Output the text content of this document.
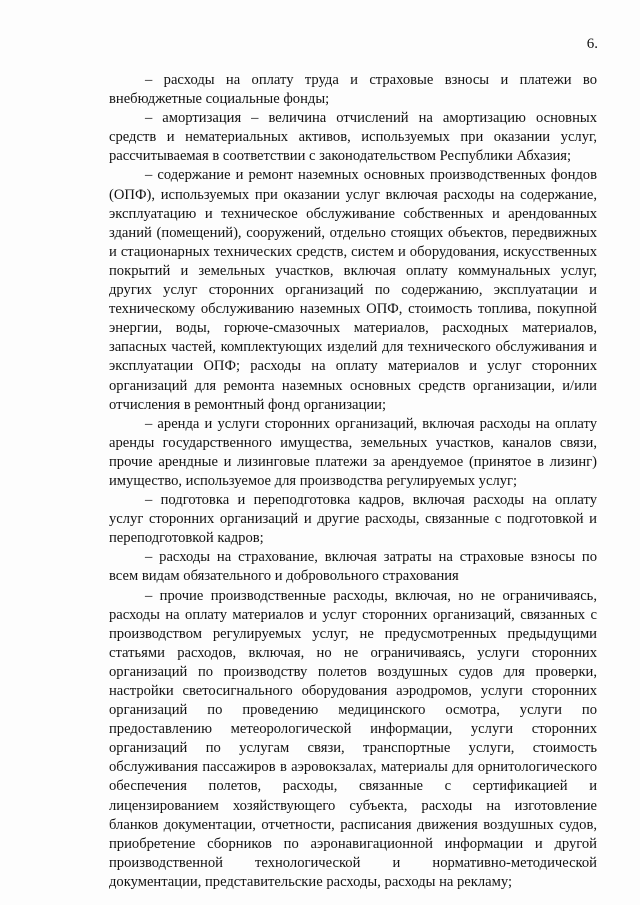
6.

– расходы на оплату труда и страховые взносы и платежи во внебюджетные социальные фонды;

– амортизация – величина отчислений на амортизацию основных средств и нематериальных активов, используемых при оказании услуг, рассчитываемая в соответствии с законодательством Республики Абхазия;

– содержание и ремонт наземных основных производственных фондов (ОПФ), используемых при оказании услуг включая расходы на содержание, эксплуатацию и техническое обслуживание собственных и арендованных зданий (помещений), сооружений, отдельно стоящих объектов, передвижных и стационарных технических средств, систем и оборудования, искусственных покрытий и земельных участков, включая оплату коммунальных услуг, других услуг сторонних организаций по содержанию, эксплуатации и техническому обслуживанию наземных ОПФ, стоимость топлива, покупной энергии, воды, горюче-смазочных материалов, расходных материалов, запасных частей, комплектующих изделий для технического обслуживания и эксплуатации ОПФ; расходы на оплату материалов и услуг сторонних организаций для ремонта наземных основных средств организации, и/или отчисления в ремонтный фонд организации;

– аренда и услуги сторонних организаций, включая расходы на оплату аренды государственного имущества, земельных участков, каналов связи, прочие арендные и лизинговые платежи за арендуемое (принятое в лизинг) имущество, используемое для производства регулируемых услуг;

– подготовка и переподготовка кадров, включая расходы на оплату услуг сторонних организаций и другие расходы, связанные с подготовкой и переподготовкой кадров;

– расходы на страхование, включая затраты на страховые взносы по всем видам обязательного и добровольного страхования

– прочие производственные расходы, включая, но не ограничиваясь, расходы на оплату материалов и услуг сторонних организаций, связанных с производством регулируемых услуг, не предусмотренных предыдущими статьями расходов, включая, но не ограничиваясь, услуги сторонних организаций по производству полетов воздушных судов для проверки, настройки светосигнального оборудования аэродромов, услуги сторонних организаций по проведению медицинского осмотра, услуги по предоставлению метеорологической информации, услуги сторонних организаций по услугам связи, транспортные услуги, стоимость обслуживания пассажиров в аэровокзалах, материалы для орнитологического обеспечения полетов, расходы, связанные с сертификацией и лицензированием хозяйствующего субъекта, расходы на изготовление бланков документации, отчетности, расписания движения воздушных судов, приобретение сборников по аэронавигационной информации и другой производственной технологической и нормативно-методической документации, представительские расходы, расходы на рекламу;
